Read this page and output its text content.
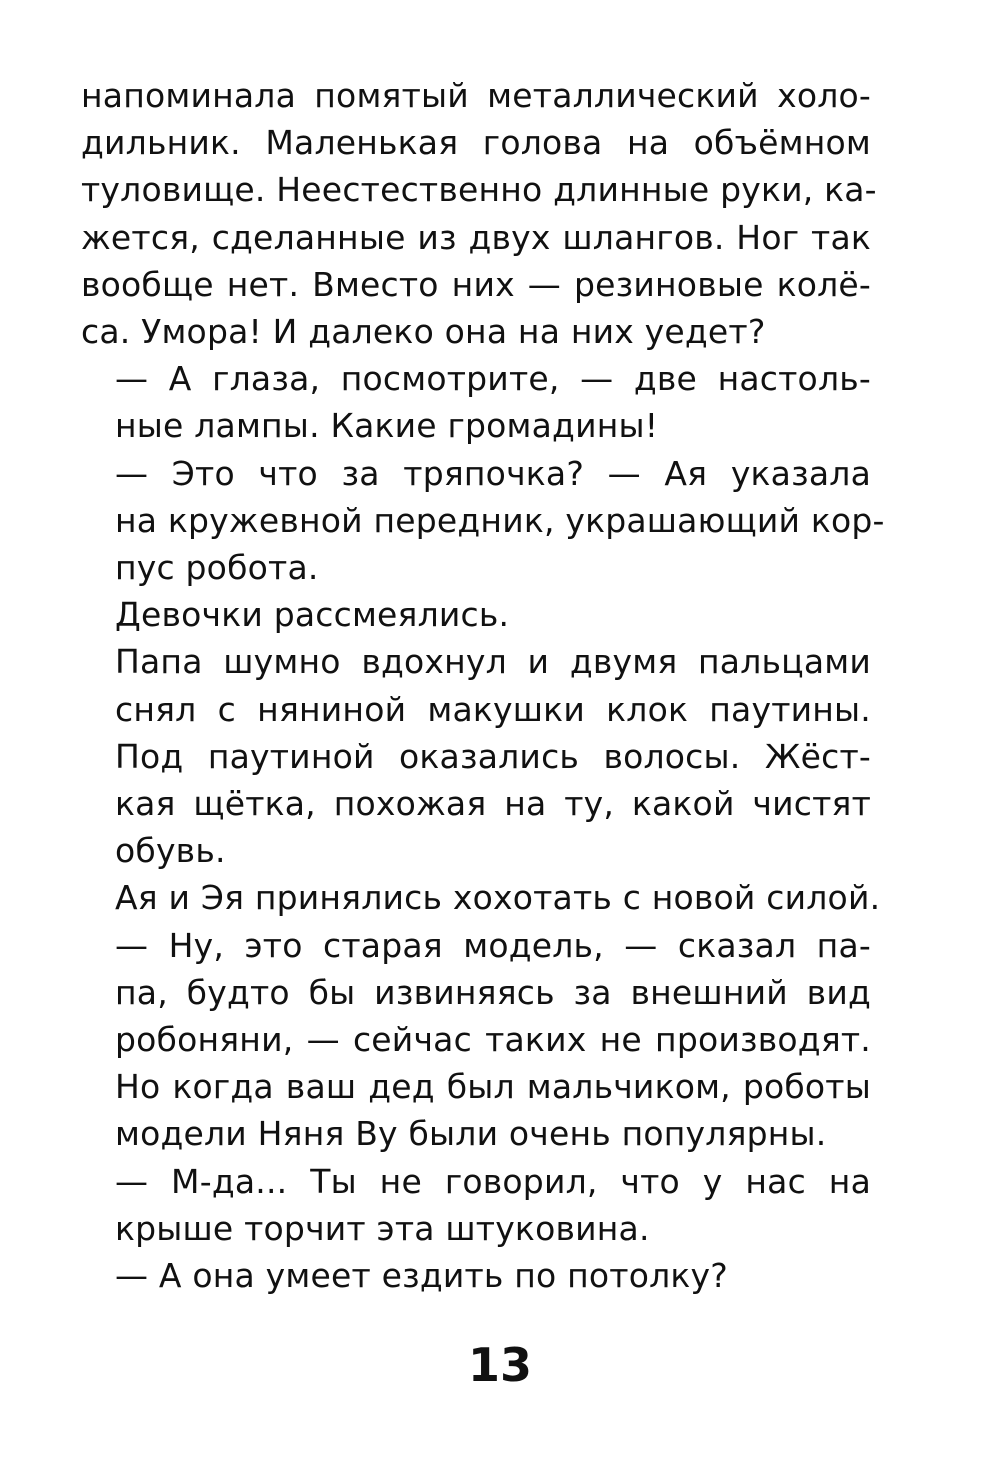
напоминала помятый металлический холо-
дильник. Маленькая голова на объёмном
туловище. Неестественно длинные руки, ка-
жется, сделанные из двух шлангов. Ног так
вообще нет. Вместо них — резиновые колё-
са. Умора! И далеко она на них уедет?

— А глаза, посмотрите, — две настоль-
ные лампы. Какие громадины!

— Это что за тряпочка? — Ая указала
на кружевной передник, украшающий кор-
пус робота.

Девочки рассмеялись.

Папа шумно вдохнул и двумя пальцами
снял с няниной макушки клок паутины.
Под паутиной оказались волосы. Жёст-
кая щётка, похожая на ту, какой чистят
обувь.

Ая и Эя принялись хохотать с новой силой.

— Ну, это старая модель, — сказал па-
па, будто бы извиняясь за внешний вид
робоняни, — сейчас таких не производят.
Но когда ваш дед был мальчиком, роботы
модели Няня Ву были очень популярны.

— М-да... Ты не говорил, что у нас на
крыше торчит эта штуковина.

— А она умеет ездить по потолку?

13
